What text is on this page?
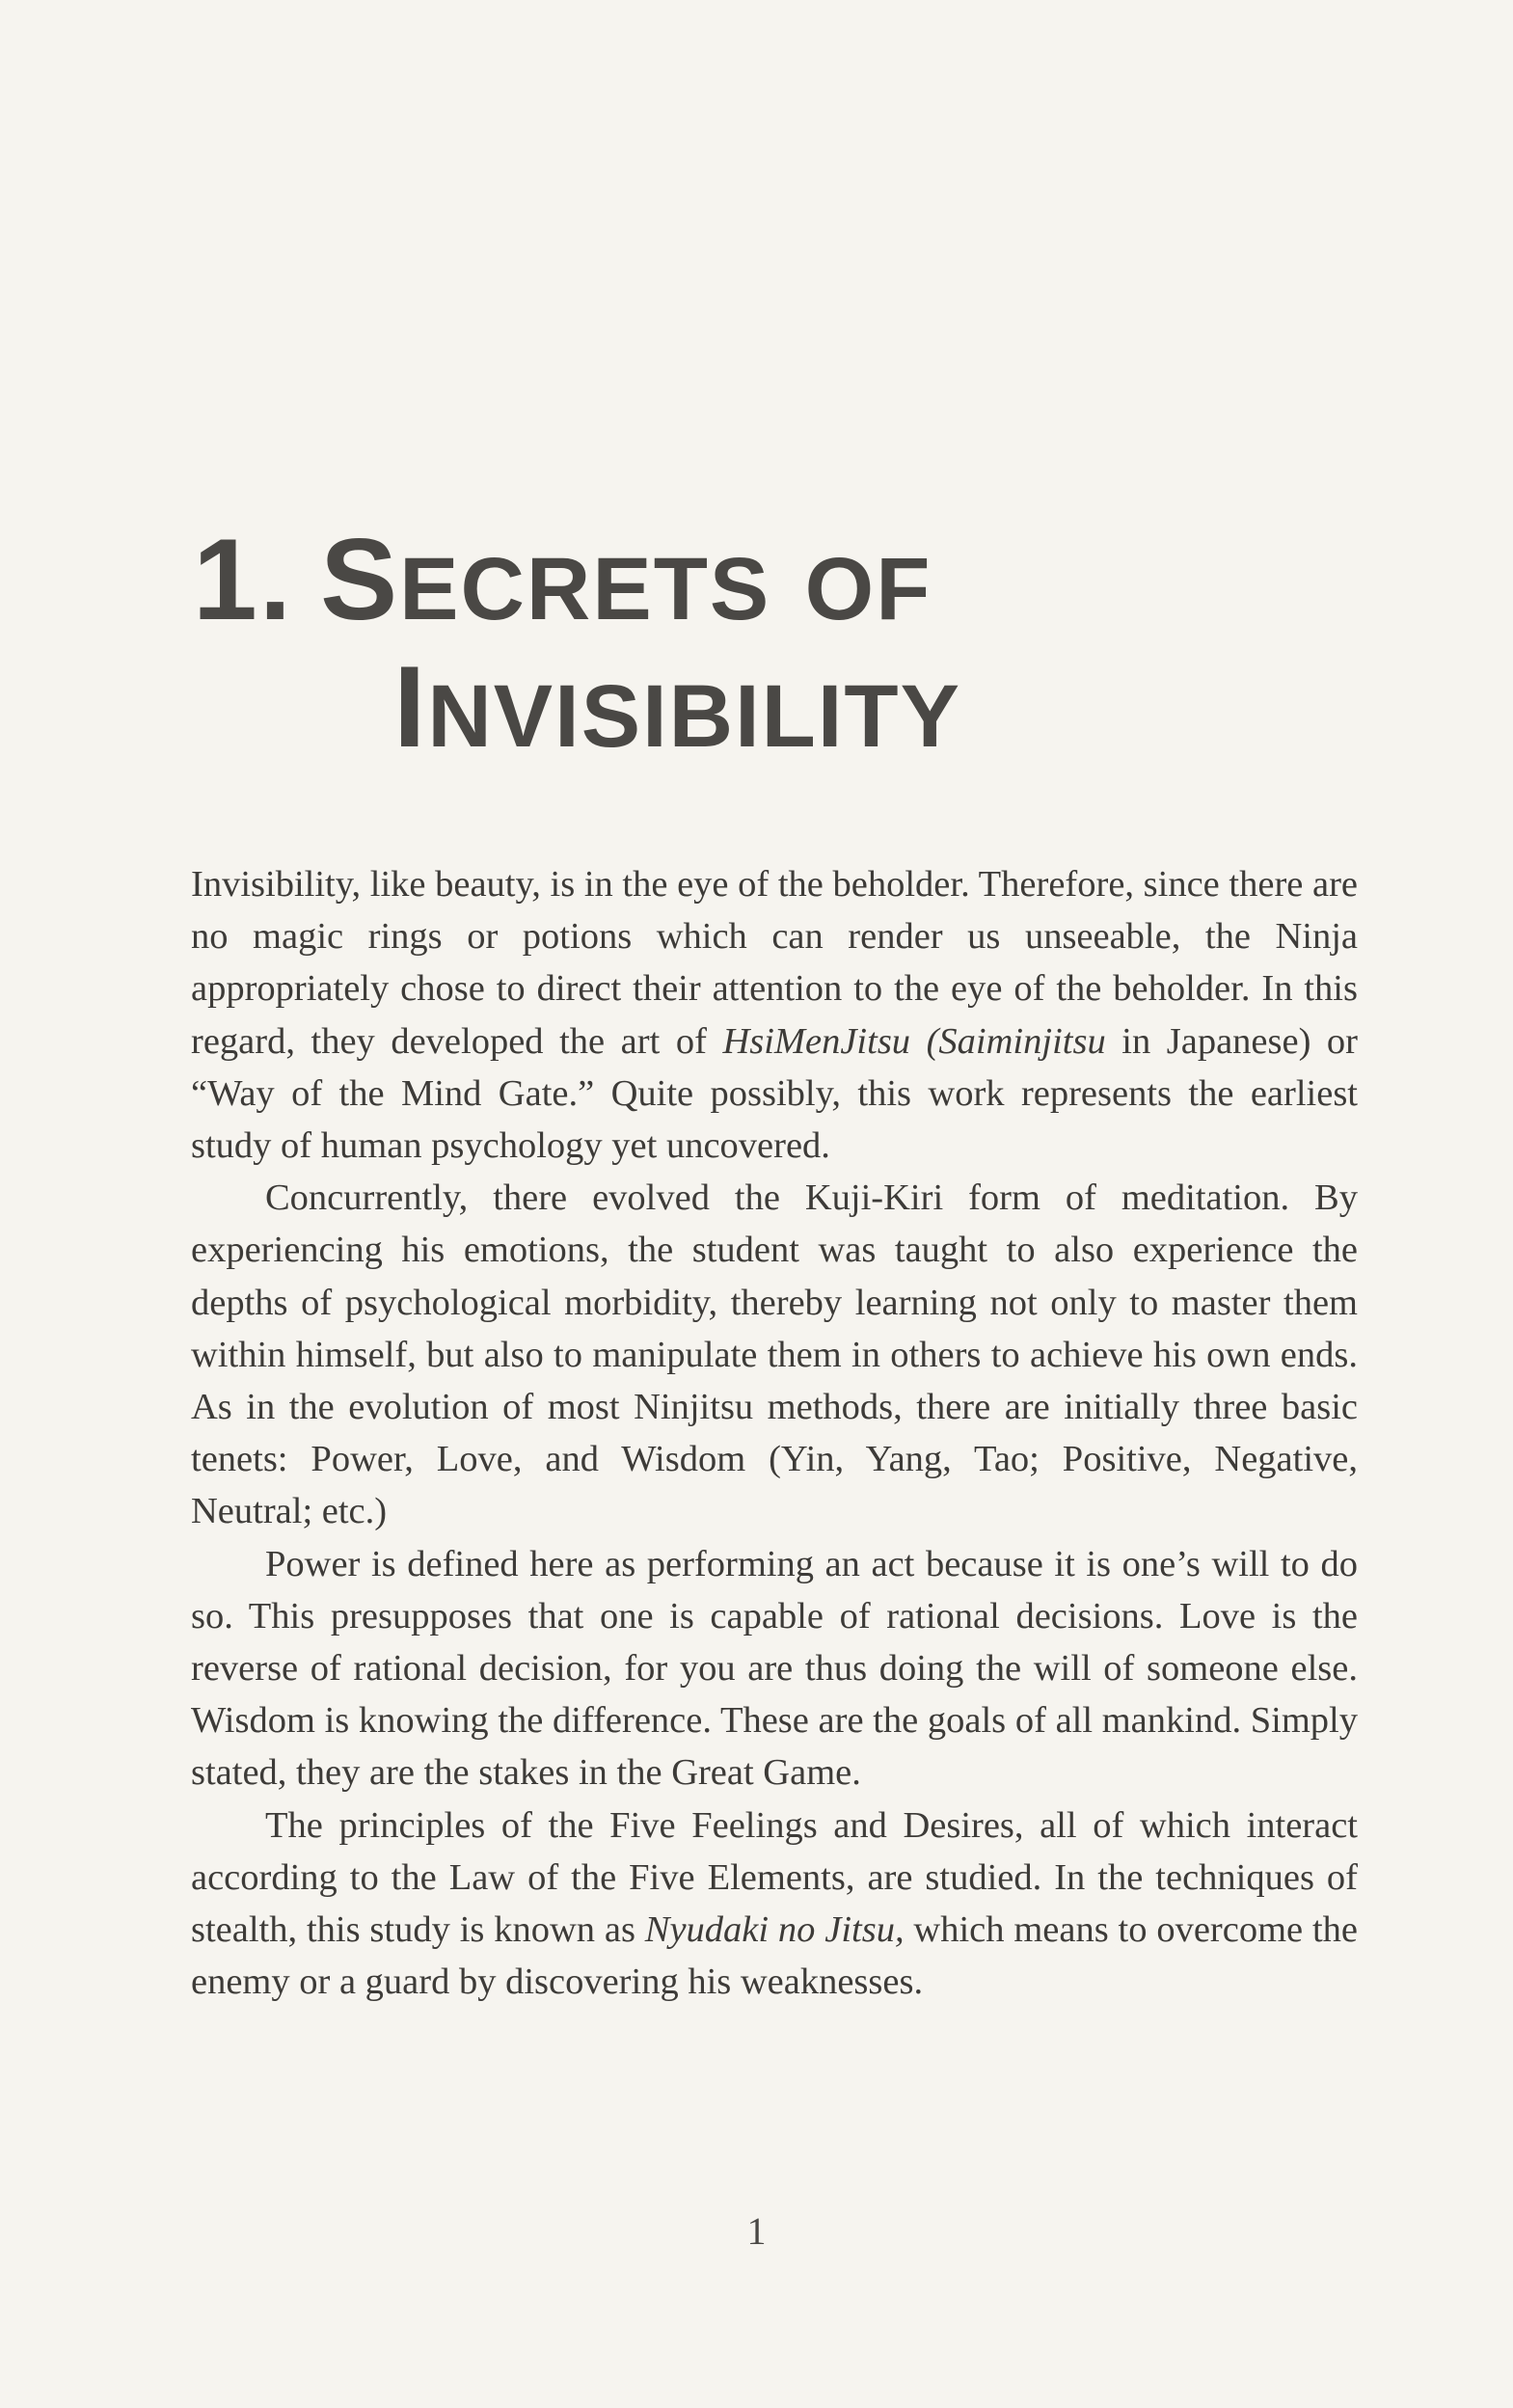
1. SECRETS OF
INVISIBILITY

Invisibility, like beauty, is in the eye of the beholder. Therefore, since there are no magic rings or potions which can render us unseeable, the Ninja appropriately chose to direct their attention to the eye of the beholder. In this regard, they developed the art of HsiMenJitsu (Saiminjitsu in Japanese) or “Way of the Mind Gate.” Quite possibly, this work represents the earliest study of human psychology yet uncovered.

Concurrently, there evolved the Kuji-Kiri form of meditation. By experiencing his emotions, the student was taught to also experience the depths of psychological morbidity, thereby learning not only to master them within himself, but also to manipulate them in others to achieve his own ends. As in the evolution of most Ninjitsu methods, there are initially three basic tenets: Power, Love, and Wisdom (Yin, Yang, Tao; Positive, Negative, Neutral; etc.)

Power is defined here as performing an act because it is one’s will to do so. This presupposes that one is capable of rational decisions. Love is the reverse of rational decision, for you are thus doing the will of someone else. Wisdom is knowing the difference. These are the goals of all mankind. Simply stated, they are the stakes in the Great Game.

The principles of the Five Feelings and Desires, all of which interact according to the Law of the Five Elements, are studied. In the techniques of stealth, this study is known as Nyudaki no Jitsu, which means to overcome the enemy or a guard by discovering his weaknesses.

1
